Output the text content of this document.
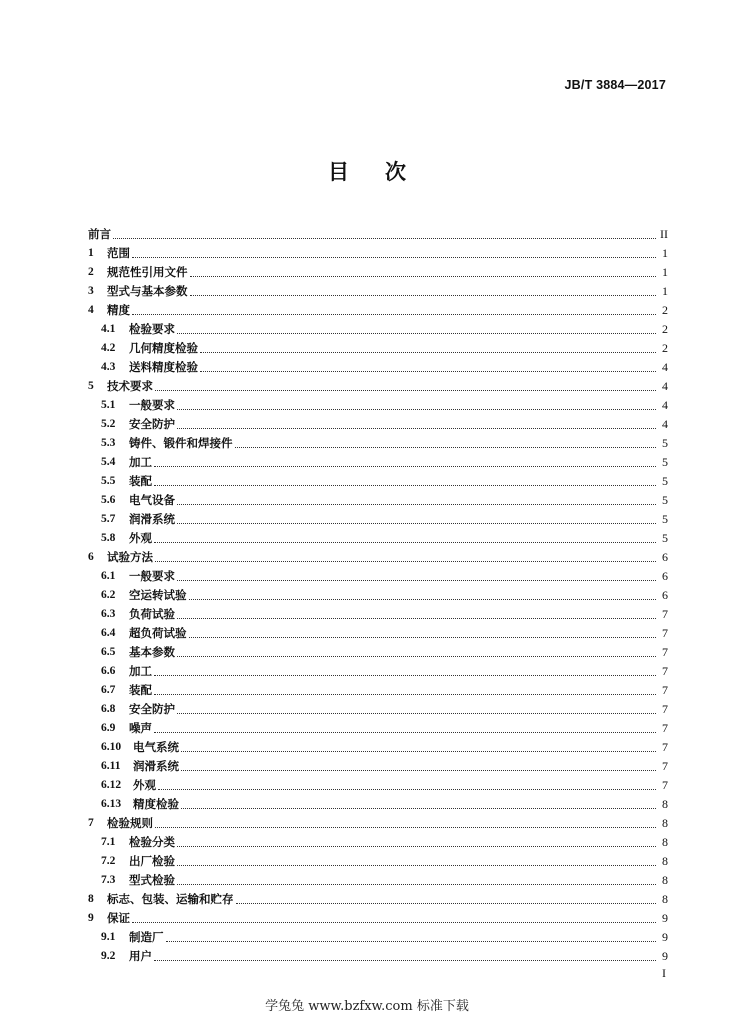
JB/T 3884—2017
目次
前言	II
1	范围	1
2	规范性引用文件	1
3	型式与基本参数	1
4	精度	2
4.1	检验要求	2
4.2	几何精度检验	2
4.3	送料精度检验	4
5	技术要求	4
5.1	一般要求	4
5.2	安全防护	4
5.3	铸件、锻件和焊接件	5
5.4	加工	5
5.5	装配	5
5.6	电气设备	5
5.7	润滑系统	5
5.8	外观	5
6	试验方法	6
6.1	一般要求	6
6.2	空运转试验	6
6.3	负荷试验	7
6.4	超负荷试验	7
6.5	基本参数	7
6.6	加工	7
6.7	装配	7
6.8	安全防护	7
6.9	噪声	7
6.10	电气系统	7
6.11	润滑系统	7
6.12	外观	7
6.13	精度检验	8
7	检验规则	8
7.1	检验分类	8
7.2	出厂检验	8
7.3	型式检验	8
8	标志、包装、运输和贮存	8
9	保证	9
9.1	制造厂	9
9.2	用户	9
I
学兔兔 www.bzfxw.com 标准下载
